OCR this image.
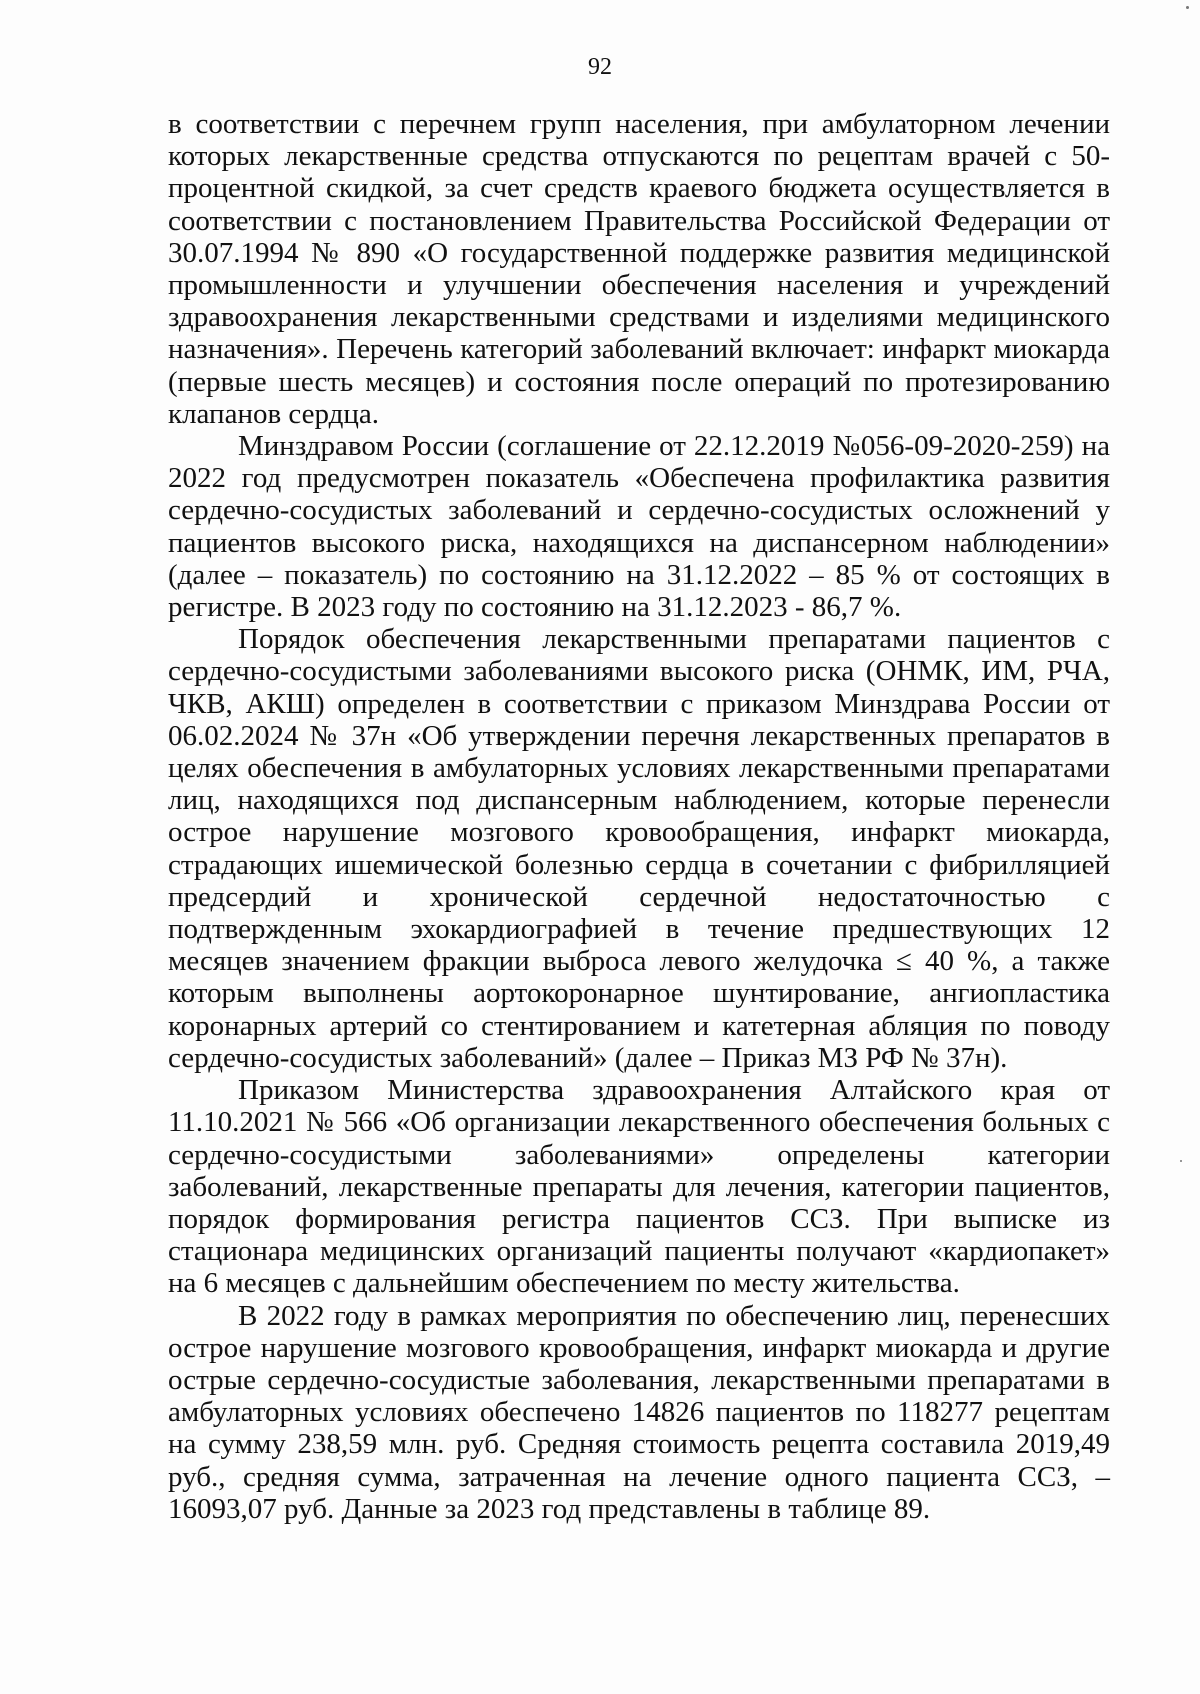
92

в соответствии с перечнем групп населения, при амбулаторном лечении которых лекарственные средства отпускаются по рецептам врачей с 50-процентной скидкой, за счет средств краевого бюджета осуществляется в соответствии с постановлением Правительства Российской Федерации от 30.07.1994 № 890 «О государственной поддержке развития медицинской промышленности и улучшении обеспечения населения и учреждений здравоохранения лекарственными средствами и изделиями медицинского назначения». Перечень категорий заболеваний включает: инфаркт миокарда (первые шесть месяцев) и состояния после операций по протезированию клапанов сердца.

Минздравом России (соглашение от 22.12.2019 №056-09-2020-259) на 2022 год предусмотрен показатель «Обеспечена профилактика развития сердечно-сосудистых заболеваний и сердечно-сосудистых осложнений у пациентов высокого риска, находящихся на диспансерном наблюдении» (далее – показатель) по состоянию на 31.12.2022 – 85 % от состоящих в регистре. В 2023 году по состоянию на 31.12.2023 - 86,7 %.

Порядок обеспечения лекарственными препаратами пациентов с сердечно-сосудистыми заболеваниями высокого риска (ОНМК, ИМ, РЧА, ЧКВ, АКШ) определен в соответствии с приказом Минздрава России от 06.02.2024 № 37н «Об утверждении перечня лекарственных препаратов в целях обеспечения в амбулаторных условиях лекарственными препаратами лиц, находящихся под диспансерным наблюдением, которые перенесли острое нарушение мозгового кровообращения, инфаркт миокарда, страдающих ишемической болезнью сердца в сочетании с фибрилляцией предсердий и хронической сердечной недостаточностью с подтвержденным эхокардиографией в течение предшествующих 12 месяцев значением фракции выброса левого желудочка ≤ 40 %, а также которым выполнены аортокоронарное шунтирование, ангиопластика коронарных артерий со стентированием и катетерная абляция по поводу сердечно-сосудистых заболеваний» (далее – Приказ МЗ РФ № 37н).

Приказом Министерства здравоохранения Алтайского края от 11.10.2021 № 566 «Об организации лекарственного обеспечения больных с сердечно-сосудистыми заболеваниями» определены категории заболеваний, лекарственные препараты для лечения, категории пациентов, порядок формирования регистра пациентов ССЗ. При выписке из стационара медицинских организаций пациенты получают «кардиопакет» на 6 месяцев с дальнейшим обеспечением по месту жительства.

В 2022 году в рамках мероприятия по обеспечению лиц, перенесших острое нарушение мозгового кровообращения, инфаркт миокарда и другие острые сердечно-сосудистые заболевания, лекарственными препаратами в амбулаторных условиях обеспечено 14826 пациентов по 118277 рецептам на сумму 238,59 млн. руб. Средняя стоимость рецепта составила 2019,49 руб., средняя сумма, затраченная на лечение одного пациента ССЗ, – 16093,07 руб. Данные за 2023 год представлены в таблице 89.
